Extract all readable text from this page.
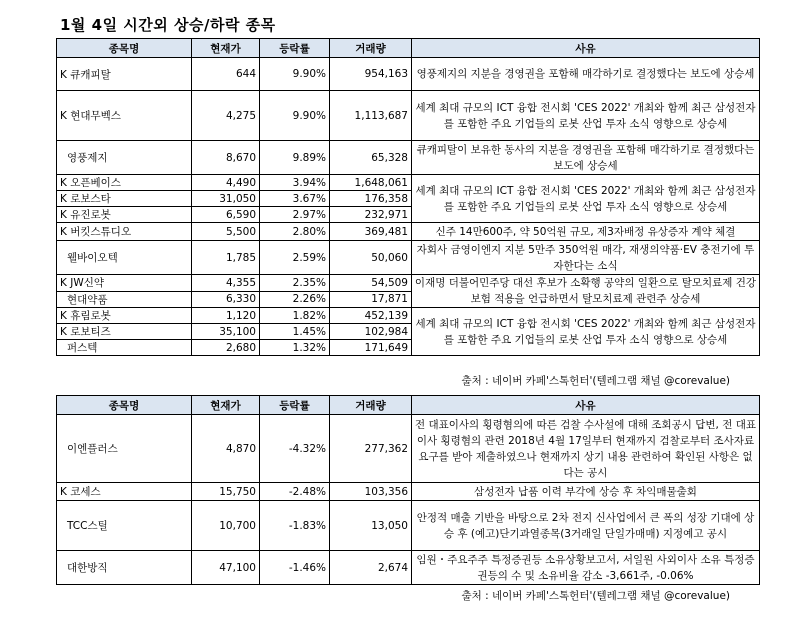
1월 4일 시간외 상승/하락 종목
종목명	현재가	등락률	거래량	사유
K 큐캐피탈	644	9.90%	954,163	영풍제지의 지분을 경영권을 포함해 매각하기로 결정했다는 보도에 상승세
K 현대무벡스	4,275	9.90%	1,113,687	세계 최대 규모의 ICT 융합 전시회 'CES 2022' 개최와 함께 최근 삼성전자를 포함한 주요 기업들의 로봇 산업 투자 소식 영향으로 상승세
영풍제지	8,670	9.89%	65,328	큐캐피탈이 보유한 동사의 지분을 경영권을 포함해 매각하기로 결정했다는 보도에 상승세
K 오픈베이스	4,490	3.94%	1,648,061	세계 최대 규모의 ICT 융합 전시회 'CES 2022' 개최와 함께 최근 삼성전자를 포함한 주요 기업들의 로봇 산업 투자 소식 영향으로 상승세
K 로보스타	31,050	3.67%	176,358	
K 유진로봇	6,590	2.97%	232,971	
K 버킷스튜디오	5,500	2.80%	369,481	신주 14만600주, 약 50억원 규모, 제3자배정 유상증자 계약 체결
웰바이오텍	1,785	2.59%	50,060	자회사 금영이엔지 지분 5만주 350억원 매각, 재생의약품·EV 충전기에 투자한다는 소식
K JW신약	4,355	2.35%	54,509	이재명 더불어민주당 대선 후보가 소확행 공약의 일환으로 탈모치료제 건강보험 적용을 언급하면서 탈모치료제 관련주 상승세
현대약품	6,330	2.26%	17,871	
K 휴림로봇	1,120	1.82%	452,139	세계 최대 규모의 ICT 융합 전시회 'CES 2022' 개최와 함께 최근 삼성전자를 포함한 주요 기업들의 로봇 산업 투자 소식 영향으로 상승세
K 로보티즈	35,100	1.45%	102,984	
퍼스텍	2,680	1.32%	171,649	
출처 : 네이버 카페'스톡헌터'(텔레그램 채널 @corevalue)
종목명	현재가	등락률	거래량	사유
이엔플러스	4,870	-4.32%	277,362	전 대표이사의 횡령혐의에 따른 검찰 수사설에 대해 조회공시 답변, 전 대표이사 횡령혐의 관련 2018년 4월 17일부터 현재까지 검찰로부터 조사자료 요구를 받아 제출하였으나 현재까지 상기 내용 관련하여 확인된 사항은 없다는 공시
K 코세스	15,750	-2.48%	103,356	삼성전자 납품 이력 부각에 상승 후 차익매물출회
TCC스틸	10,700	-1.83%	13,050	안정적 매출 기반을 바탕으로 2차 전지 신사업에서 큰 폭의 성장 기대에 상승 후 (예고)단기과열종목(3거래일 단일가매매) 지정예고 공시
대한방직	47,100	-1.46%	2,674	임원・주요주주 특정증권등 소유상황보고서, 서일원 사외이사 소유 특정증권등의 수 및 소유비율 감소 -3,661주, -0.06%
출처 : 네이버 카페'스톡헌터'(텔레그램 채널 @corevalue)
